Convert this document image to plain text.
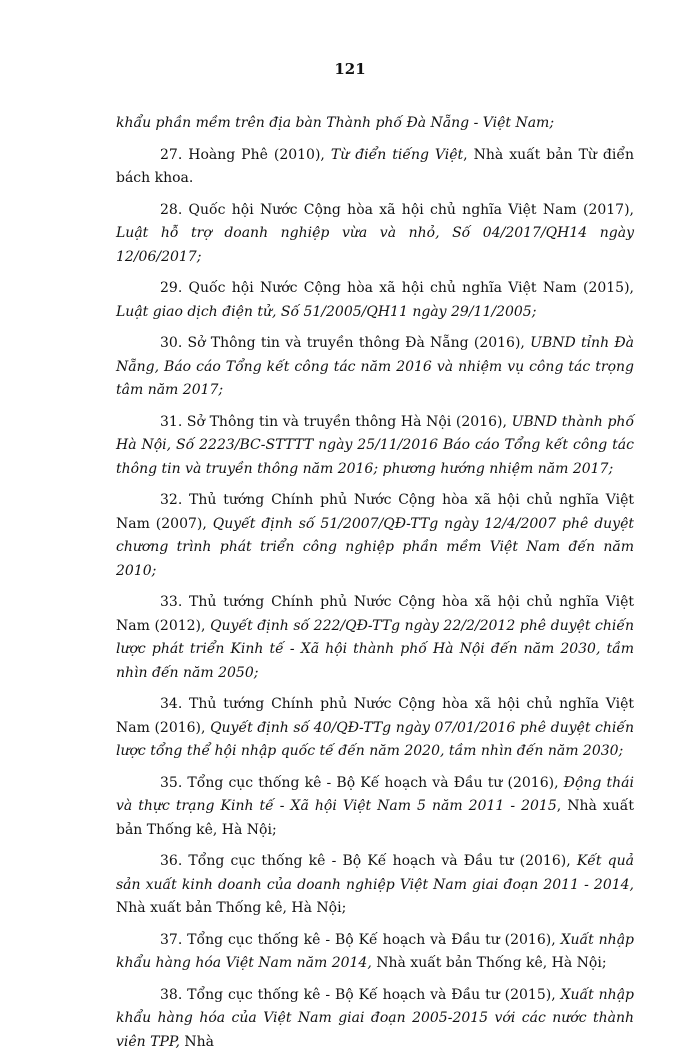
121

khẩu phần mềm trên địa bàn Thành phố Đà Nẵng - Việt Nam;

27. Hoàng Phê (2010), Từ điển tiếng Việt, Nhà xuất bản Từ điển bách khoa.

28. Quốc hội Nước Cộng hòa xã hội chủ nghĩa Việt Nam (2017), Luật hỗ trợ doanh nghiệp vừa và nhỏ, Số 04/2017/QH14 ngày 12/06/2017;

29. Quốc hội Nước Cộng hòa xã hội chủ nghĩa Việt Nam (2015), Luật giao dịch điện tử, Số 51/2005/QH11 ngày 29/11/2005;

30. Sở Thông tin và truyền thông Đà Nẵng (2016), UBND tỉnh Đà Nẵng, Báo cáo Tổng kết công tác năm 2016 và nhiệm vụ công tác trọng tâm năm 2017;

31. Sở Thông tin và truyền thông Hà Nội (2016), UBND thành phố Hà Nội, Số 2223/BC-STTTT ngày 25/11/2016 Báo cáo Tổng kết công tác thông tin và truyền thông năm 2016; phương hướng nhiệm năm 2017;

32. Thủ tướng Chính phủ Nước Cộng hòa xã hội chủ nghĩa Việt Nam (2007), Quyết định số 51/2007/QĐ-TTg ngày 12/4/2007 phê duyệt chương trình phát triển công nghiệp phần mềm Việt Nam đến năm 2010;

33. Thủ tướng Chính phủ Nước Cộng hòa xã hội chủ nghĩa Việt Nam (2012), Quyết định số 222/QĐ-TTg ngày 22/2/2012 phê duyệt chiến lược phát triển Kinh tế - Xã hội thành phố Hà Nội đến năm 2030, tầm nhìn đến năm 2050;

34. Thủ tướng Chính phủ Nước Cộng hòa xã hội chủ nghĩa Việt Nam (2016), Quyết định số 40/QĐ-TTg ngày 07/01/2016 phê duyệt chiến lược tổng thể hội nhập quốc tế đến năm 2020, tầm nhìn đến năm 2030;

35. Tổng cục thống kê - Bộ Kế hoạch và Đầu tư (2016), Động thái và thực trạng Kinh tế - Xã hội Việt Nam 5 năm 2011 - 2015, Nhà xuất bản Thống kê, Hà Nội;

36. Tổng cục thống kê - Bộ Kế hoạch và Đầu tư (2016), Kết quả sản xuất kinh doanh của doanh nghiệp Việt Nam giai đoạn 2011 - 2014, Nhà xuất bản Thống kê, Hà Nội;

37. Tổng cục thống kê - Bộ Kế hoạch và Đầu tư (2016), Xuất nhập khẩu hàng hóa Việt Nam năm 2014, Nhà xuất bản Thống kê, Hà Nội;

38. Tổng cục thống kê - Bộ Kế hoạch và Đầu tư (2015), Xuất nhập khẩu hàng hóa của Việt Nam giai đoạn 2005-2015 với các nước thành viên TPP, Nhà
